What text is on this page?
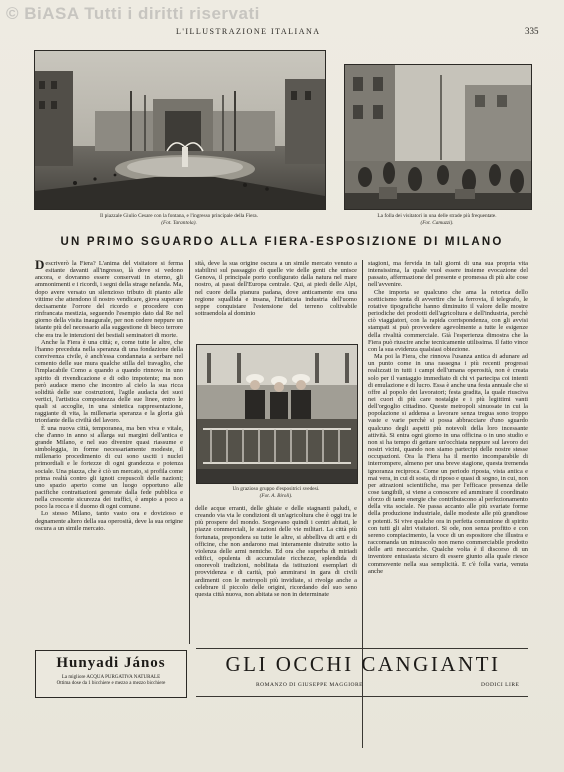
© BiASA Tutti i diritti riservati
L'ILLUSTRAZIONE ITALIANA	335
Il piazzale Giulio Cesare con la fontana, e l'ingresso principale della Fiera.
(Fot. Tarantola).
La folla dei visitatori in una delle strade più frequentate.
(Fot. Camuzzi).
UN PRIMO SGUARDO ALLA FIERA-ESPOSIZIONE DI MILANO

Descriverò la Fiera? L'anima del visitatore si ferma esitante davanti all'ingresso, là dove si vedono ancora, e dovranno essere conservati in eterno, gli ammonimenti e i ricordi, i segni della strage nefanda. Ma, dopo avere versato un silenzioso tributo di pianto alle vittime che attendono il nostro vendicare, giova superare decisamente l'orrore del ricordo e procedere con rinfrancata mestizia, seguendo l'esempio dato dal Re nel giorno della visita inaugurale, per non cedere neppure un istante più del necessario alla suggestione di bieco terrore che era tra le intenzioni dei bestiali seminatori di morte.

Anche la Fiera è una città; e, come tutte le altre, che l'hanno preceduta nella speranza di una fondazione della convivenza civile, è anch'essa condannata a serbare nel cemento delle sue mura qualche stilla del travaglio, che l'implacabile Como a quando a quando rinnova in uno spirito di rivendicazione e di odio impotente; ma non però audace meno che incontro al cielo la sua ricca solidità delle sue costruzioni, l'agile audacia dei suoi vertici, l'artistica compostezza delle sue linee, entro le quali si accoglie, in una sintetica rappresentazione, raggiante di vita, la millenaria speranza e la gloria già trionfante della civiltà del lavoro.

È una nuova città, temporanea, ma ben viva e vitale, che d'anno in anno si allarga sui margini dell'antica e grande Milano, e nel suo divenire quasi riassume e simboleggia, in forme necessariamente modeste, il millenario procedimento di cui sono usciti i nuclei primordiali e le fortezze di ogni grandezza e potenza sociale. Una piazza, che è ciò un mercato, si profila come prima realtà contro gli ignoti crepuscoli delle nazioni; uno spazio aperto come un luogo opportuno alle pacifiche contrattazioni generate dalla fede pubblica e nella crescente sicurezza dei traffici, è ampio a poco a poco la rocca e il duomo di ogni comune.

Lo stesso Milano, tanto vasto ora e dovizioso e degnamente altero della sua operosità, deve la sua origine oscura a un simile mercato.

sità, deve la sua origine oscura a un simile mercato venuto a stabilirsi sul passaggio di quelle vie delle genti che unisce Genova, il principale porto configurato dalla natura nel mare nostro, ai passi dell'Europa centrale. Qui, ai piedi delle Alpi, nel cuore della pianura padana, dove anticamente era una regione squallida e insana, l'infaticata industria dell'uomo seppe conquistare l'estensione del terreno coltivabile sottraendola al dominio

Un grazioso gruppo d'espositrici svedesi.
(Fot. A. Biroli).

delle acque erranti, delle ghiaie e delle stagnanti paludi, e creando via via le condizioni di un'agricoltura che è oggi tra le più prospere del mondo. Sorgevano quindi i centri abitati, le piazze commerciali, le stazioni delle vie militari. La città più fortunata, prepondera su tutte le altre, si abbelliva di arti e di officine, che non andarono mai interamente distrutte sotto la violenza delle armi nemiche. Ed ora che superba di miriadi edifici, opulenta di accumulate ricchezze, splendida di onorevoli tradizioni, nobilitata da istituzioni esemplari di provvidenza e di carità, può ammirarsi in gara di civili ardimenti con le metropoli più invidiate, si rivolge anche a celebrare il piccolo delle origini, ricordando del suo seno questa città nuova, non abitata se non in determinate

stagioni, ma fervida in tali giorni di una sua propria vita intensissima, la quale vuol essere insieme evocazione del passato, affermazione del presente e promessa di più alte cose nell'avvenire.

Che importa se qualcuno che ama la retorica dello scetticismo tenta di avvertire che la ferrovia, il telegrafo, le rotative tipografiche hanno diminuito il valore delle mostre periodiche dei prodotti dell'agricoltura e dell'industria, perchè ciò viaggiatori, con la rapida corrispondenza, con gli avvisi stampati si può provvedere agevolmente a tutte le esigenze della rivalità commerciale. Già l'esperienza dimostra che la Fiera può riuscire anche tecnicamente utilissima. Il fatto vince con la sua evidenza qualsiasi obiezione.

Ma poi la Fiera, che rinnova l'usanza antica di adunare ad un punto come in una rassegna i più recenti progressi realizzati in tutti i campi dell'umana operosità, non è creata solo per il vantaggio immediato di chi vi partecipa coi intenti di emulazione e di lucro. Essa è anche una festa annuale che si offre al popolo dei lavoratori; festa gradita, la quale riusciva nei cuori di più care nostalgie e i più legittimi vanti dell'orgoglio cittadino. Queste metropoli sinuosate in cui la popolazione si addensa a lavorare senza tregua sono troppo vaste e varie perchè si possa abbracciare d'uno sguardo qualcuno degli aspetti più notevoli della loro incessante attività. Si entra ogni giorno in una officina o in uno studio e non si ha tempo di gettare un'occhiata neppure sul lavoro dei nostri vicini, quando non siamo partecipi delle nostre stesse occupazioni. Ora la Fiera ha il merito incomparabile di interrompere, almeno per una breve stagione, questa tremenda ignoranza reciproca. Come un periodo riposta, vista antica e mai vera, in cui di sosta, di riposo e quasi di sogno, in cui, non per attrazioni scientifiche, ma per l'efficace presenza delle cose tangibili, si viene a conoscere ed ammirare il coordinato sforzo di tante energie che contribuiscono al perfezionamento della vita sociale. Ne passa accanto alle più svariate forme della produzione industriale, dalle modeste alle più grandiose e potenti. Si vive qualche ora in perfetta comunione di spirito con tutti gli altri visitatori. Si ode, non senza profitto e con sereno compiacimento, la voce di un espositore che illustra e raccomanda un minuscolo non meno commerciabile prodotto delle arti meccaniche. Qualche volta è il discorso di un inventore entusiasta sicuro di essere giunto alla quale riesce commovente nella sua semplicità. E c'è folla varia, venuta anche

Hunyadi János
La migliore ACQUA PURGATIVA NATURALE
Ottima dose da 1 bicchiere e mezzo a mezzo bicchiere
GLI OCCHI CANGIANTI
ROMANZO DI GIUSEPPE MAGGIORE	DODICI LIRE
